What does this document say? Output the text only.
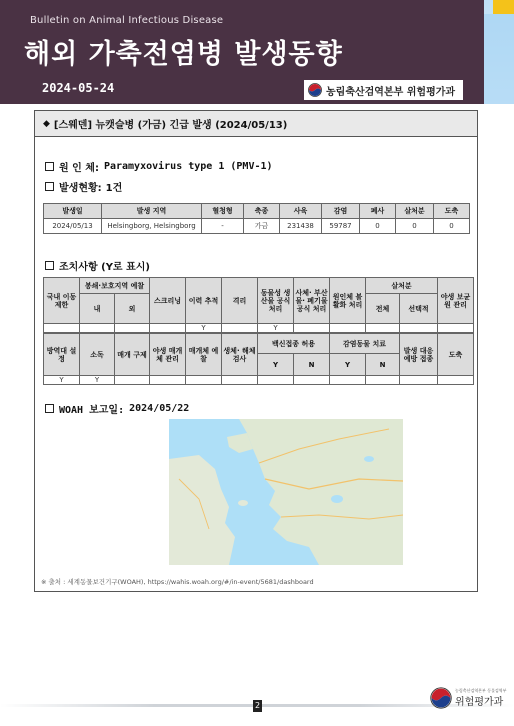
Bulletin on Animal Infectious Disease
해외 가축전염병 발생동향
2024-05-24	농림축산검역본부 위험평가과
◆ [스웨덴] 뉴캣슬병 (가금) 긴급 발생 (2024/05/13)
원 인 체: Paramyxovirus type 1 (PMV-1)
발생현황: 1건
발생일	발생 지역	혈청형	축종	사육	감염	폐사	살처분	도축
2024/05/13	Helsingborg, Helsingborg	-	가금	231438	59787	0	0	0
조치사항 (Y로 표시)
국내 이동 제한	봉쇄·보호지역 예찰		스크리닝	이력 추적	격리	동물성 생산물 공식 처리	사체· 부산물· 폐기물 공식 처리	원인체 불활화 처리	살처분		야생 보균원 관리
	내	외							전체	선택적	
				Y		Y					
방역대 설정	소독	매개 구제	야생 매개체 관리	매개체 예찰	생체· 해체 검사	백신접종 허용		감염동물 치료		발생 대응 예방 접종	도축
						Y	N	Y	N		
Y	Y										
WOAH 보고일: 2024/05/22
※ 출처 : 세계동물보건기구(WOAH), https://wahis.woah.org/#/in-event/5681/dashboard
2
농림축산검역본부 동물검역부
위험평가과
